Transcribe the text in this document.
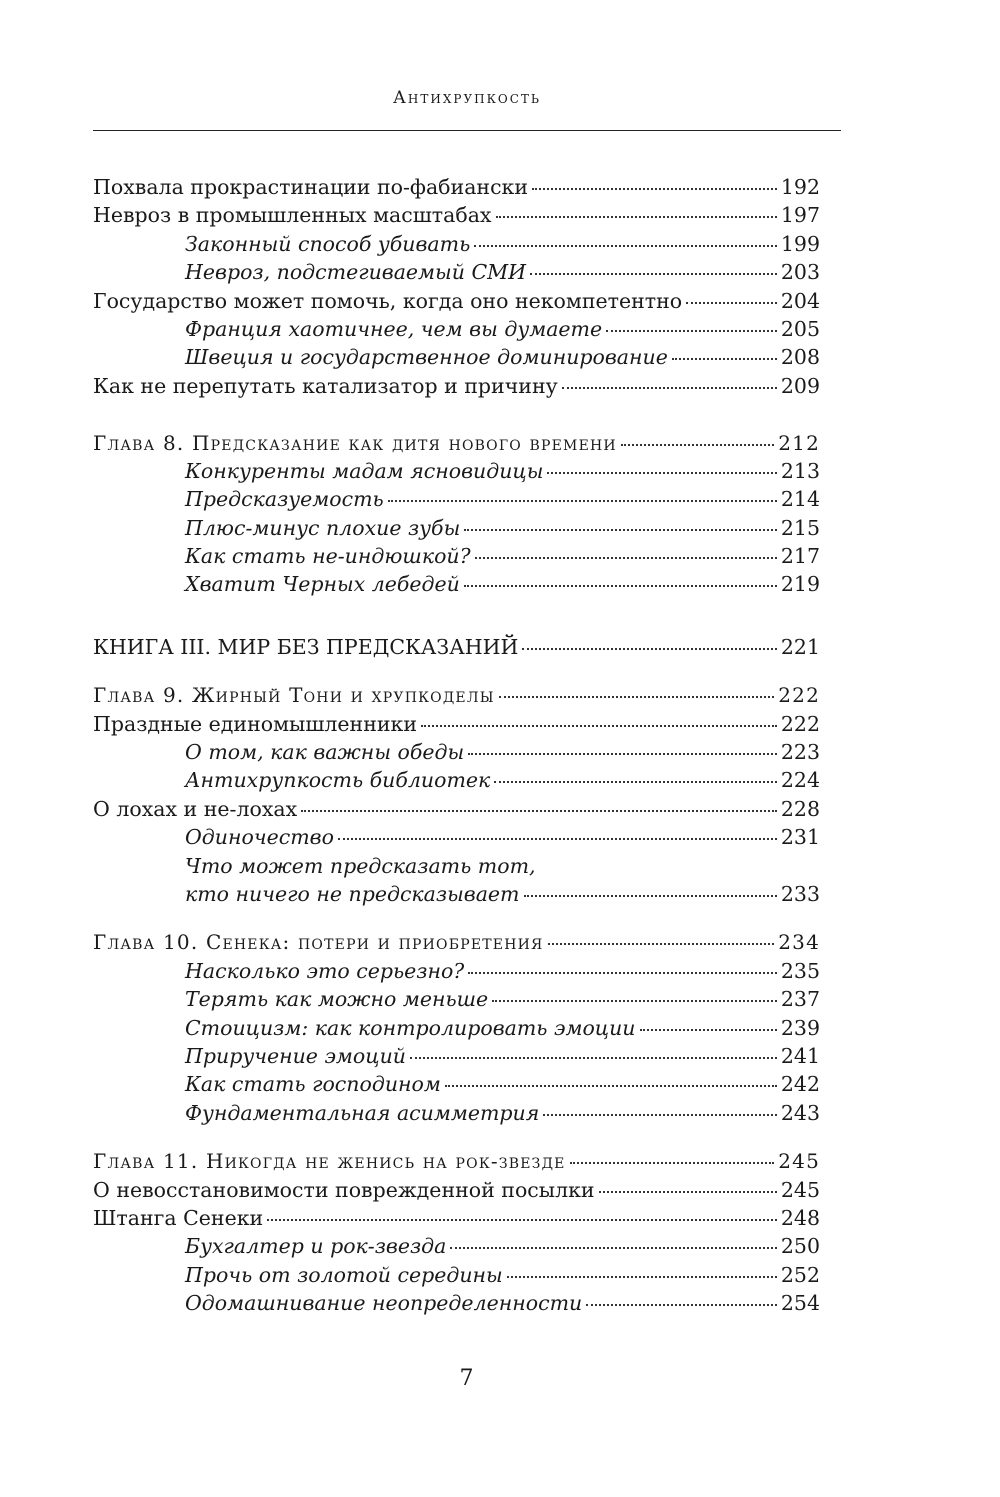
Антихрупкость
Похвала прокрастинации по-фабиански	192
Невроз в промышленных масштабах	197
Законный способ убивать	199
Невроз, подстегиваемый СМИ	203
Государство может помочь, когда оно некомпетентно	204
Франция хаотичнее, чем вы думаете	205
Швеция и государственное доминирование	208
Как не перепутать катализатор и причину	209
Глава 8. Предсказание как дитя нового времени	212
Конкуренты мадам ясновидицы	213
Предсказуемость	214
Плюс-минус плохие зубы	215
Как стать не-индюшкой?	217
Хватит Черных лебедей	219
КНИГА III. МИР БЕЗ ПРЕДСКАЗАНИЙ	221
Глава 9. Жирный Тони и хрупкоделы	222
Праздные единомышленники	222
О том, как важны обеды	223
Антихрупкость библиотек	224
О лохах и не-лохах	228
Одиночество	231
Что может предсказать тот,
кто ничего не предсказывает	233
Глава 10. Сенека: потери и приобретения	234
Насколько это серьезно?	235
Терять как можно меньше	237
Стоицизм: как контролировать эмоции	239
Приручение эмоций	241
Как стать господином	242
Фундаментальная асимметрия	243
Глава 11. Никогда не женись на рок-звезде	245
О невосстановимости поврежденной посылки	245
Штанга Сенеки	248
Бухгалтер и рок-звезда	250
Прочь от золотой середины	252
Одомашнивание неопределенности	254
7
